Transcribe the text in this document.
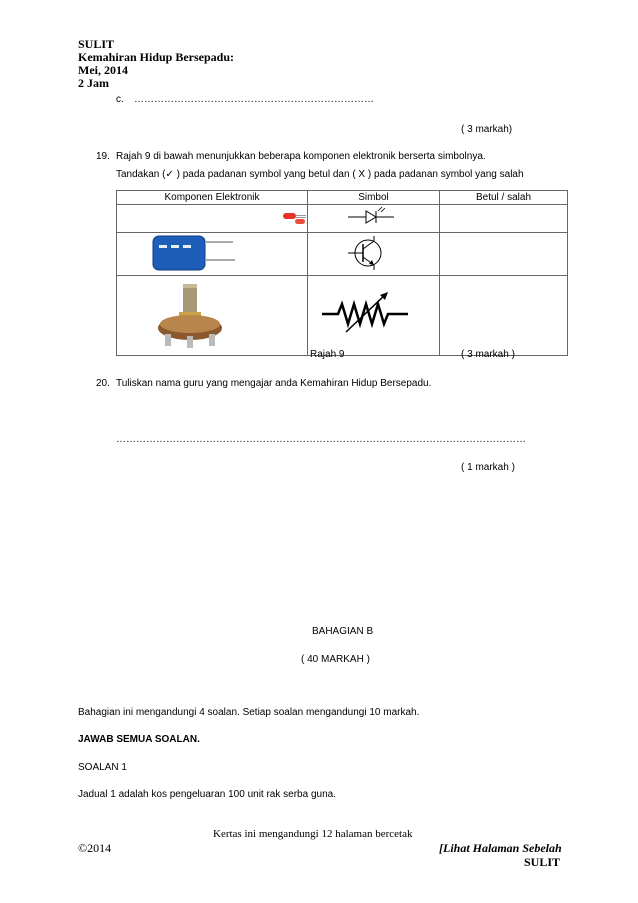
SULIT
Kemahiran Hidup Bersepadu:
Mei, 2014
2 Jam
c. ………………………………………………………………
( 3 markah)
19. Rajah 9 di bawah menunjukkan beberapa komponen elektronik berserta simbolnya.
Tandakan (✓ ) pada padanan symbol yang betul dan ( X ) pada padanan symbol yang salah
Komponen Elektronik	Simbol	Betul / salah

Rajah 9	( 3 markah )
20. Tuliskan nama guru yang mengajar anda Kemahiran Hidup Bersepadu.
……………………………………………………………………………………………………………
( 1 markah )
BAHAGIAN B
( 40 MARKAH )
Bahagian ini mengandungi 4 soalan. Setiap soalan mengandungi 10 markah.
JAWAB SEMUA SOALAN.
SOALAN 1
Jadual 1 adalah kos pengeluaran 100 unit rak serba guna.
Kertas ini mengandungi 12 halaman bercetak
©2014	[Lihat Halaman Sebelah
SULIT
